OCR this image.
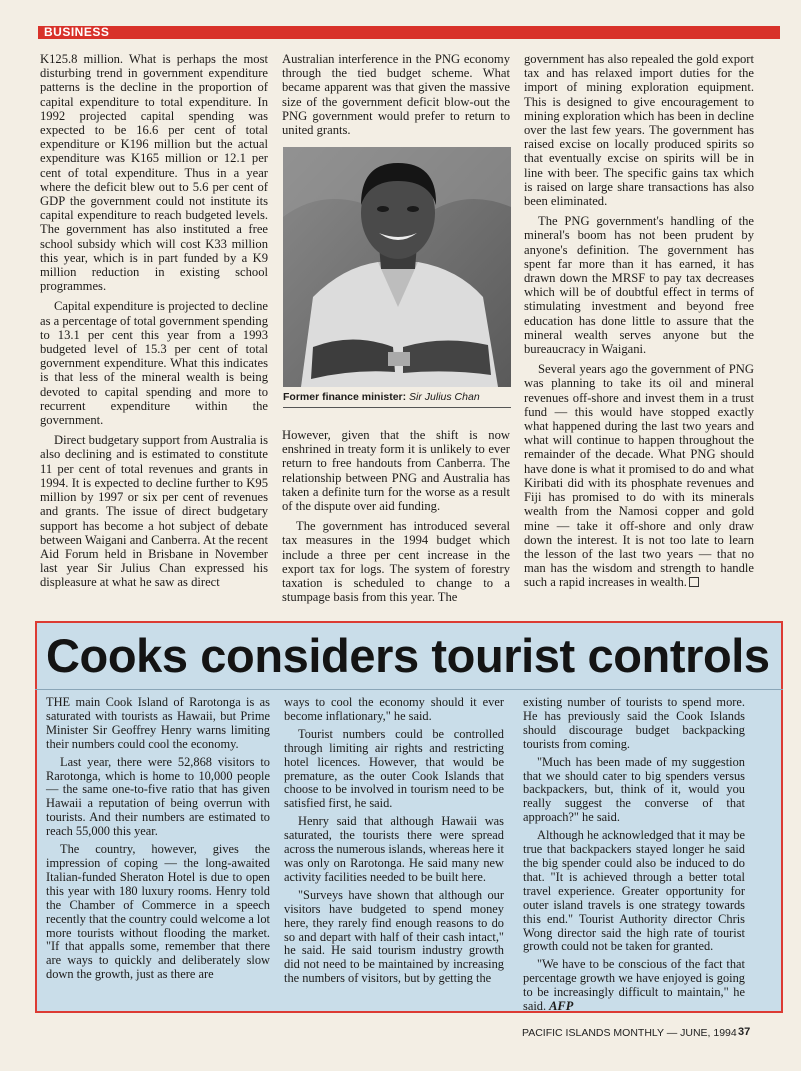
BUSINESS

K125.8 million. What is perhaps the most disturbing trend in government expenditure patterns is the decline in the proportion of capital expenditure to total expenditure. In 1992 projected capital spending was expected to be 16.6 per cent of total expenditure or K196 million but the actual expenditure was K165 million or 12.1 per cent of total expenditure. Thus in a year where the deficit blew out to 5.6 per cent of GDP the government could not institute its capital expenditure to reach budgeted levels. The government has also instituted a free school subsidy which will cost K33 million this year, which is in part funded by a K9 million reduction in existing school programmes.

Capital expenditure is projected to decline as a percentage of total government spending to 13.1 per cent this year from a 1993 budgeted level of 15.3 per cent of total government expenditure. What this indicates is that less of the mineral wealth is being devoted to capital spending and more to recurrent expenditure within the government.

Direct budgetary support from Australia is also declining and is estimated to constitute 11 per cent of total revenues and grants in 1994. It is expected to decline further to K95 million by 1997 or six per cent of revenues and grants. The issue of direct budgetary support has become a hot subject of debate between Waigani and Canberra. At the recent Aid Forum held in Brisbane in November last year Sir Julius Chan expressed his displeasure at what he saw as direct

Australian interference in the PNG economy through the tied budget scheme. What became apparent was that given the massive size of the government deficit blow-out the PNG government would prefer to return to united grants.

Former finance minister: Sir Julius Chan

However, given that the shift is now enshrined in treaty form it is unlikely to ever return to free handouts from Canberra. The relationship between PNG and Australia has taken a definite turn for the worse as a result of the dispute over aid funding.

The government has introduced several tax measures in the 1994 budget which include a three per cent increase in the export tax for logs. The system of forestry taxation is scheduled to change to a stumpage basis from this year. The

government has also repealed the gold export tax and has relaxed import duties for the import of mining exploration equipment. This is designed to give encouragement to mining exploration which has been in decline over the last few years. The government has raised excise on locally produced spirits so that eventually excise on spirits will be in line with beer. The specific gains tax which is raised on large share transactions has also been eliminated.

The PNG government's handling of the mineral's boom has not been prudent by anyone's definition. The government has spent far more than it has earned, it has drawn down the MRSF to pay tax decreases which will be of doubtful effect in terms of stimulating investment and beyond free education has done little to assure that the mineral wealth serves anyone but the bureaucracy in Waigani.

Several years ago the government of PNG was planning to take its oil and mineral revenues off-shore and invest them in a trust fund — this would have stopped exactly what happened during the last two years and what will continue to happen throughout the remainder of the decade. What PNG should have done is what it promised to do and what Kiribati did with its phosphate revenues and Fiji has promised to do with its minerals wealth from the Namosi copper and gold mine — take it off-shore and only draw down the interest. It is not too late to learn the lesson of the last two years — that no man has the wisdom and strength to handle such a rapid increases in wealth.

Cooks considers tourist controls

THE main Cook Island of Rarotonga is as saturated with tourists as Hawaii, but Prime Minister Sir Geoffrey Henry warns limiting their numbers could cool the economy.

Last year, there were 52,868 visitors to Rarotonga, which is home to 10,000 people — the same one-to-five ratio that has given Hawaii a reputation of being overrun with tourists. And their numbers are estimated to reach 55,000 this year.

The country, however, gives the impression of coping — the long-awaited Italian-funded Sheraton Hotel is due to open this year with 180 luxury rooms. Henry told the Chamber of Commerce in a speech recently that the country could welcome a lot more tourists without flooding the market. "If that appalls some, remember that there are ways to quickly and deliberately slow down the growth, just as there are

ways to cool the economy should it ever become inflationary," he said.

Tourist numbers could be controlled through limiting air rights and restricting hotel licences. However, that would be premature, as the outer Cook Islands that choose to be involved in tourism need to be satisfied first, he said.

Henry said that although Hawaii was saturated, the tourists there were spread across the numerous islands, whereas here it was only on Rarotonga. He said many new activity facilities needed to be built here.

"Surveys have shown that although our visitors have budgeted to spend money here, they rarely find enough reasons to do so and depart with half of their cash intact," he said. He said tourism industry growth did not need to be maintained by increasing the numbers of visitors, but by getting the

existing number of tourists to spend more. He has previously said the Cook Islands should discourage budget backpacking tourists from coming.

"Much has been made of my suggestion that we should cater to big spenders versus backpackers, but, think of it, would you really suggest the converse of that approach?" he said.

Although he acknowledged that it may be true that backpackers stayed longer he said the big spender could also be induced to do that. "It is achieved through a better total travel experience. Greater opportunity for outer island travels is one strategy towards this end." Tourist Authority director Chris Wong director said the high rate of tourist growth could not be taken for granted.

"We have to be conscious of the fact that percentage growth we have enjoyed is going to be increasingly difficult to maintain," he said. AFP

PACIFIC ISLANDS MONTHLY — JUNE, 1994 37
